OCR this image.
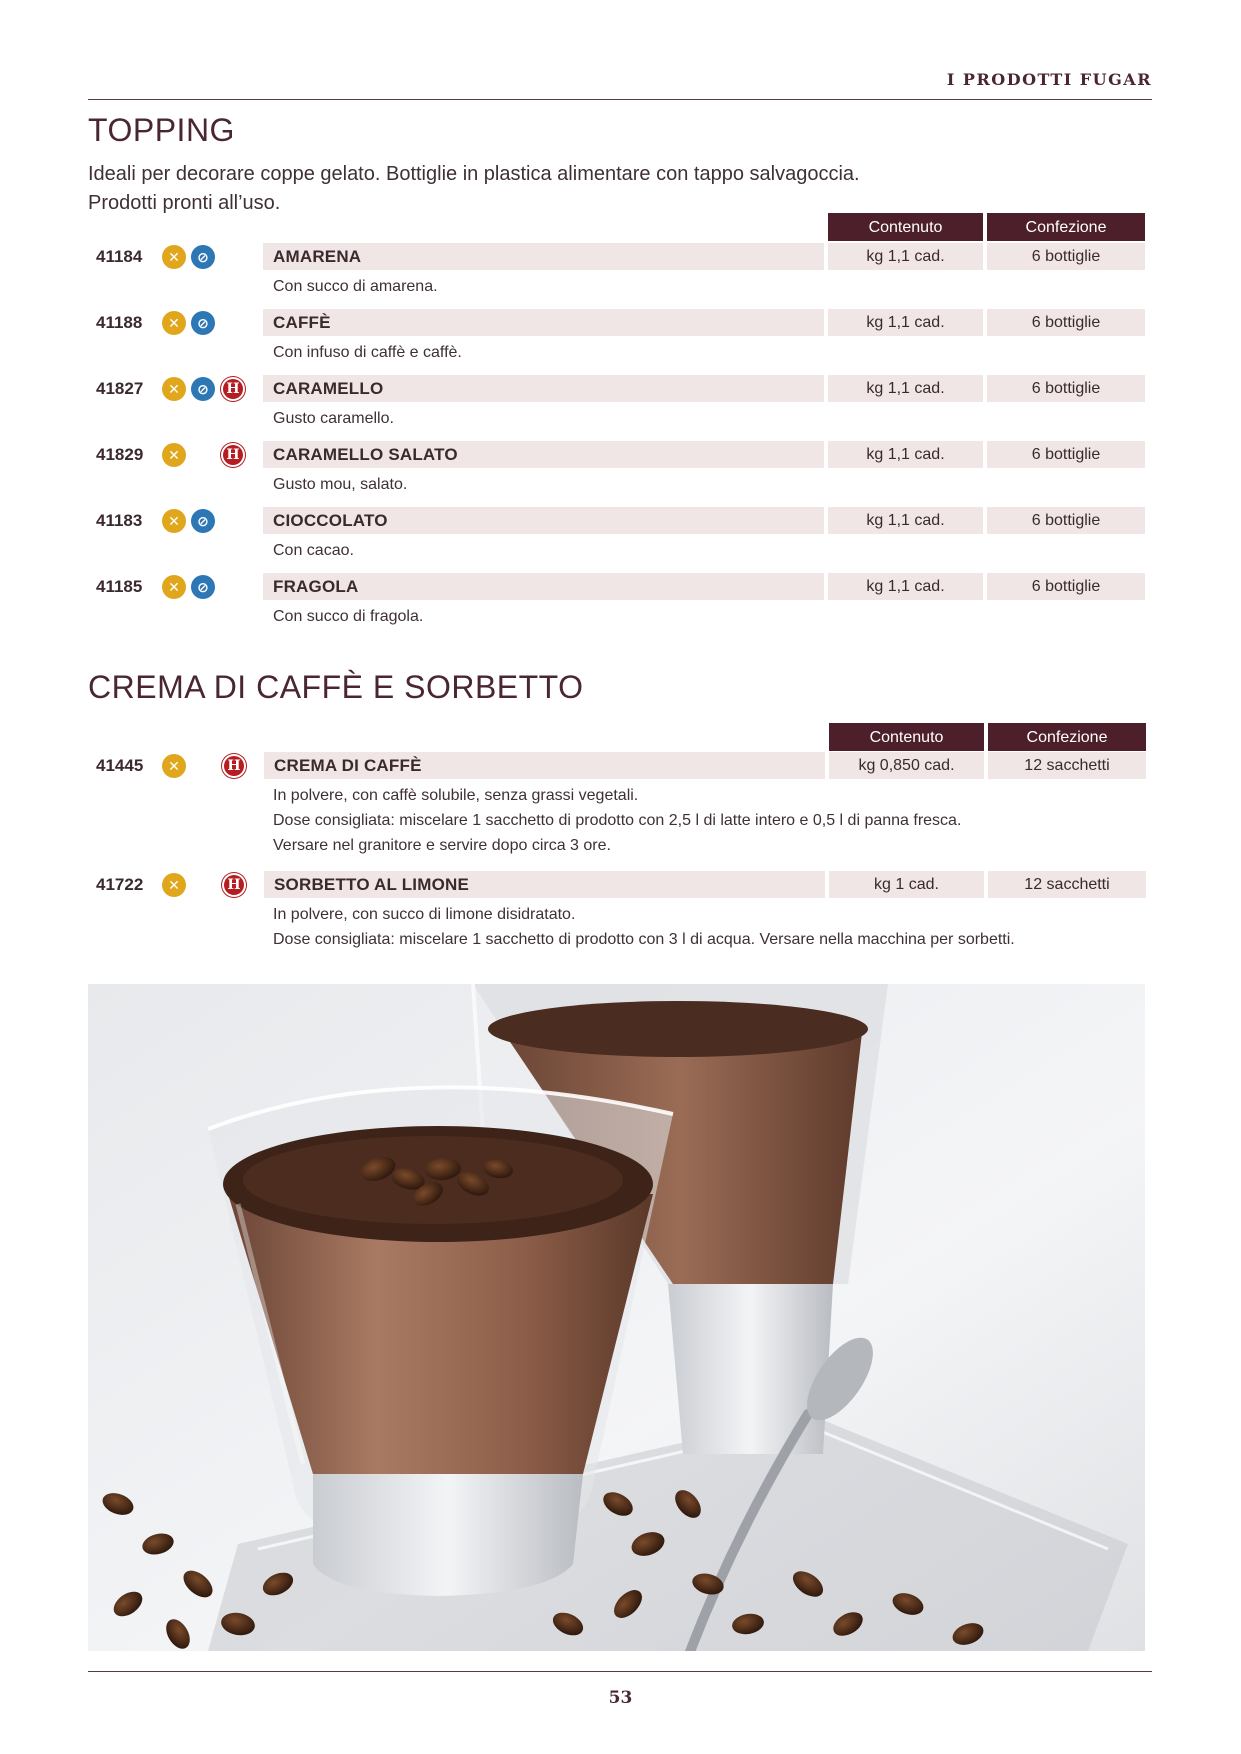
I PRODOTTI FUGAR
TOPPING
Ideali per decorare coppe gelato. Bottiglie in plastica alimentare con tappo salvagoccia.
Prodotti pronti all’uso.
Contenuto	Confezione
41184	✕	⊘	AMARENA	kg 1,1 cad.	6 bottiglie
Con succo di amarena.
41188	✕	⊘	CAFFÈ	kg 1,1 cad.	6 bottiglie
Con infuso di caffè e caffè.
41827	✕	⊘	H	CARAMELLO	kg 1,1 cad.	6 bottiglie
Gusto caramello.
41829	✕	H	CARAMELLO SALATO	kg 1,1 cad.	6 bottiglie
Gusto mou, salato.
41183	✕	⊘	CIOCCOLATO	kg 1,1 cad.	6 bottiglie
Con cacao.
41185	✕	⊘	FRAGOLA	kg 1,1 cad.	6 bottiglie
Con succo di fragola.
CREMA DI CAFFÈ E SORBETTO
Contenuto	Confezione
41445	✕	H	CREMA DI CAFFÈ	kg 0,850 cad.	12 sacchetti
In polvere, con caffè solubile, senza grassi vegetali.
Dose consigliata: miscelare 1 sacchetto di prodotto con 2,5 l di latte intero e 0,5 l di panna fresca.
Versare nel granitore e servire dopo circa 3 ore.
41722	✕	H	SORBETTO AL LIMONE	kg 1 cad.	12 sacchetti
In polvere, con succo di limone disidratato.
Dose consigliata: miscelare 1 sacchetto di prodotto con 3 l di acqua. Versare nella macchina per sorbetti.
53
